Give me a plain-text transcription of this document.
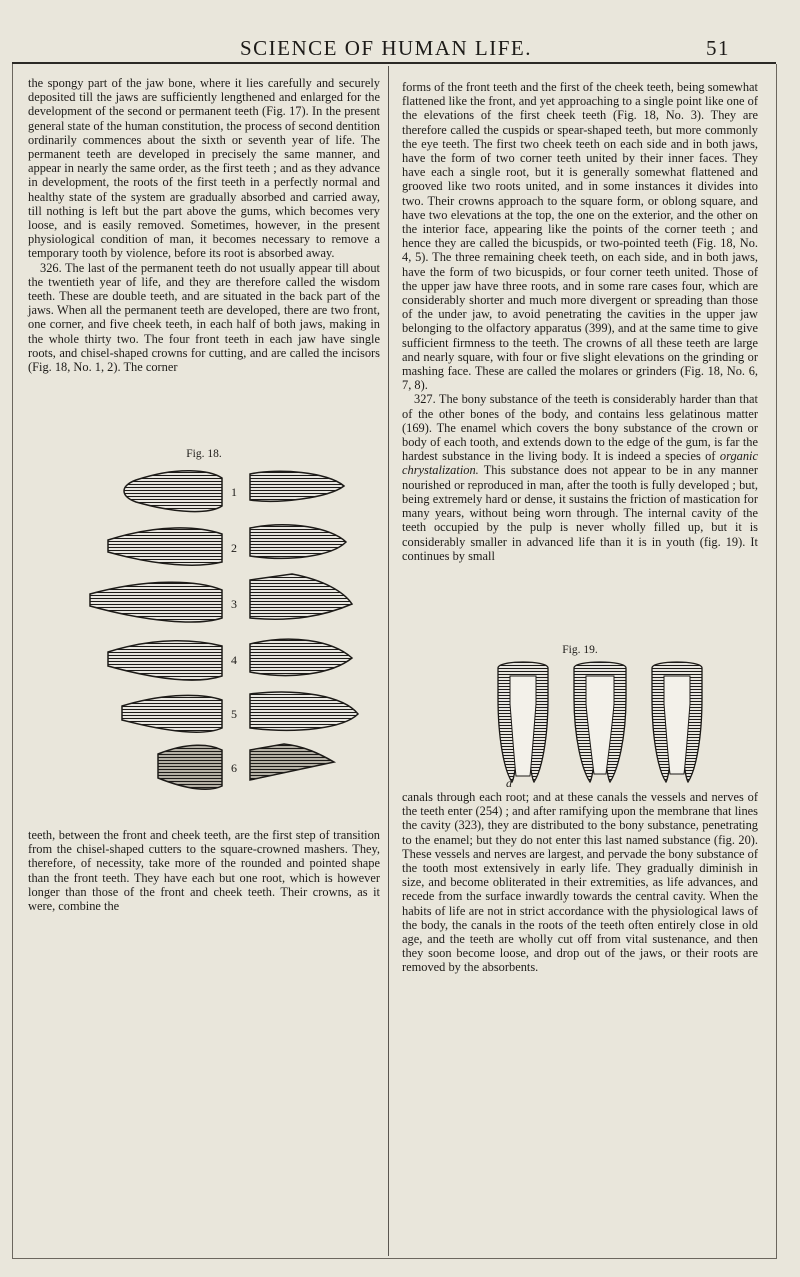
SCIENCE OF HUMAN LIFE.	51

the spongy part of the jaw bone, where it lies carefully and securely deposited till the jaws are sufficiently lengthened and enlarged for the development of the second or permanent teeth (Fig. 17). In the present general state of the human constitution, the process of second dentition ordinarily commences about the sixth or seventh year of life. The permanent teeth are developed in precisely the same manner, and appear in nearly the same order, as the first teeth ; and as they advance in development, the roots of the first teeth in a perfectly normal and healthy state of the system are gradually absorbed and carried away, till nothing is left but the part above the gums, which becomes very loose, and is easily removed. Sometimes, however, in the present physiological condition of man, it becomes necessary to remove a temporary tooth by violence, before its root is absorbed away.

326. The last of the permanent teeth do not usually appear till about the twentieth year of life, and they are therefore called the wisdom teeth. These are double teeth, and are situated in the back part of the jaws. When all the permanent teeth are developed, there are two front, one corner, and five cheek teeth, in each half of both jaws, making in the whole thirty two. The four front teeth in each jaw have single roots, and chisel-shaped crowns for cutting, and are called the incisors (Fig. 18, No. 1, 2). The corner

Fig. 18.
1
2
3
4
5
6

teeth, between the front and cheek teeth, are the first step of transition from the chisel-shaped cutters to the square-crowned mashers. They, therefore, of necessity, take more of the rounded and pointed shape than the front teeth. They have each but one root, which is however longer than those of the front and cheek teeth. Their crowns, as it were, combine the

forms of the front teeth and the first of the cheek teeth, being somewhat flattened like the front, and yet approaching to a single point like one of the elevations of the first cheek teeth (Fig. 18, No. 3). They are therefore called the cuspids or spear-shaped teeth, but more commonly the eye teeth. The first two cheek teeth on each side and in both jaws, have the form of two corner teeth united by their inner faces. They have each a single root, but it is generally somewhat flattened and grooved like two roots united, and in some instances it divides into two. Their crowns approach to the square form, or oblong square, and have two elevations at the top, the one on the exterior, and the other on the interior face, appearing like the points of the corner teeth ; and hence they are called the bicuspids, or two-pointed teeth (Fig. 18, No. 4, 5). The three remaining cheek teeth, on each side, and in both jaws, have the form of two bicuspids, or four corner teeth united. Those of the upper jaw have three roots, and in some rare cases four, which are considerably shorter and much more divergent or spreading than those of the under jaw, to avoid penetrating the cavities in the upper jaw belonging to the olfactory apparatus (399), and at the same time to give sufficient firmness to the teeth. The crowns of all these teeth are large and nearly square, with four or five slight elevations on the grinding or mashing face. These are called the molares or grinders (Fig. 18, No. 6, 7, 8).

327. The bony substance of the teeth is considerably harder than that of the other bones of the body, and contains less gelatinous matter (169). The enamel which covers the bony substance of the crown or body of each tooth, and extends down to the edge of the gum, is far the hardest substance in the living body. It is indeed a species of organic chrystalization. This substance does not appear to be in any manner nourished or reproduced in man, after the tooth is fully developed ; but, being extremely hard or dense, it sustains the friction of mastication for many years, without being worn through. The internal cavity of the teeth occupied by the pulp is never wholly filled up, but it is considerably smaller in advanced life than it is in youth (fig. 19). It continues by small

Fig. 19.
d

canals through each root; and at these canals the vessels and nerves of the teeth enter (254) ; and after ramifying upon the membrane that lines the cavity (323), they are distributed to the bony substance, penetrating to the enamel; but they do not enter this last named substance (fig. 20). These vessels and nerves are largest, and pervade the bony substance of the tooth most extensively in early life. They gradually diminish in size, and become obliterated in their extremities, as life advances, and recede from the surface inwardly towards the central cavity. When the habits of life are not in strict accordance with the physiological laws of the body, the canals in the roots of the teeth often entirely close in old age, and the teeth are wholly cut off from vital sustenance, and then they soon become loose, and drop out of the jaws, or their roots are removed by the absorbents.
